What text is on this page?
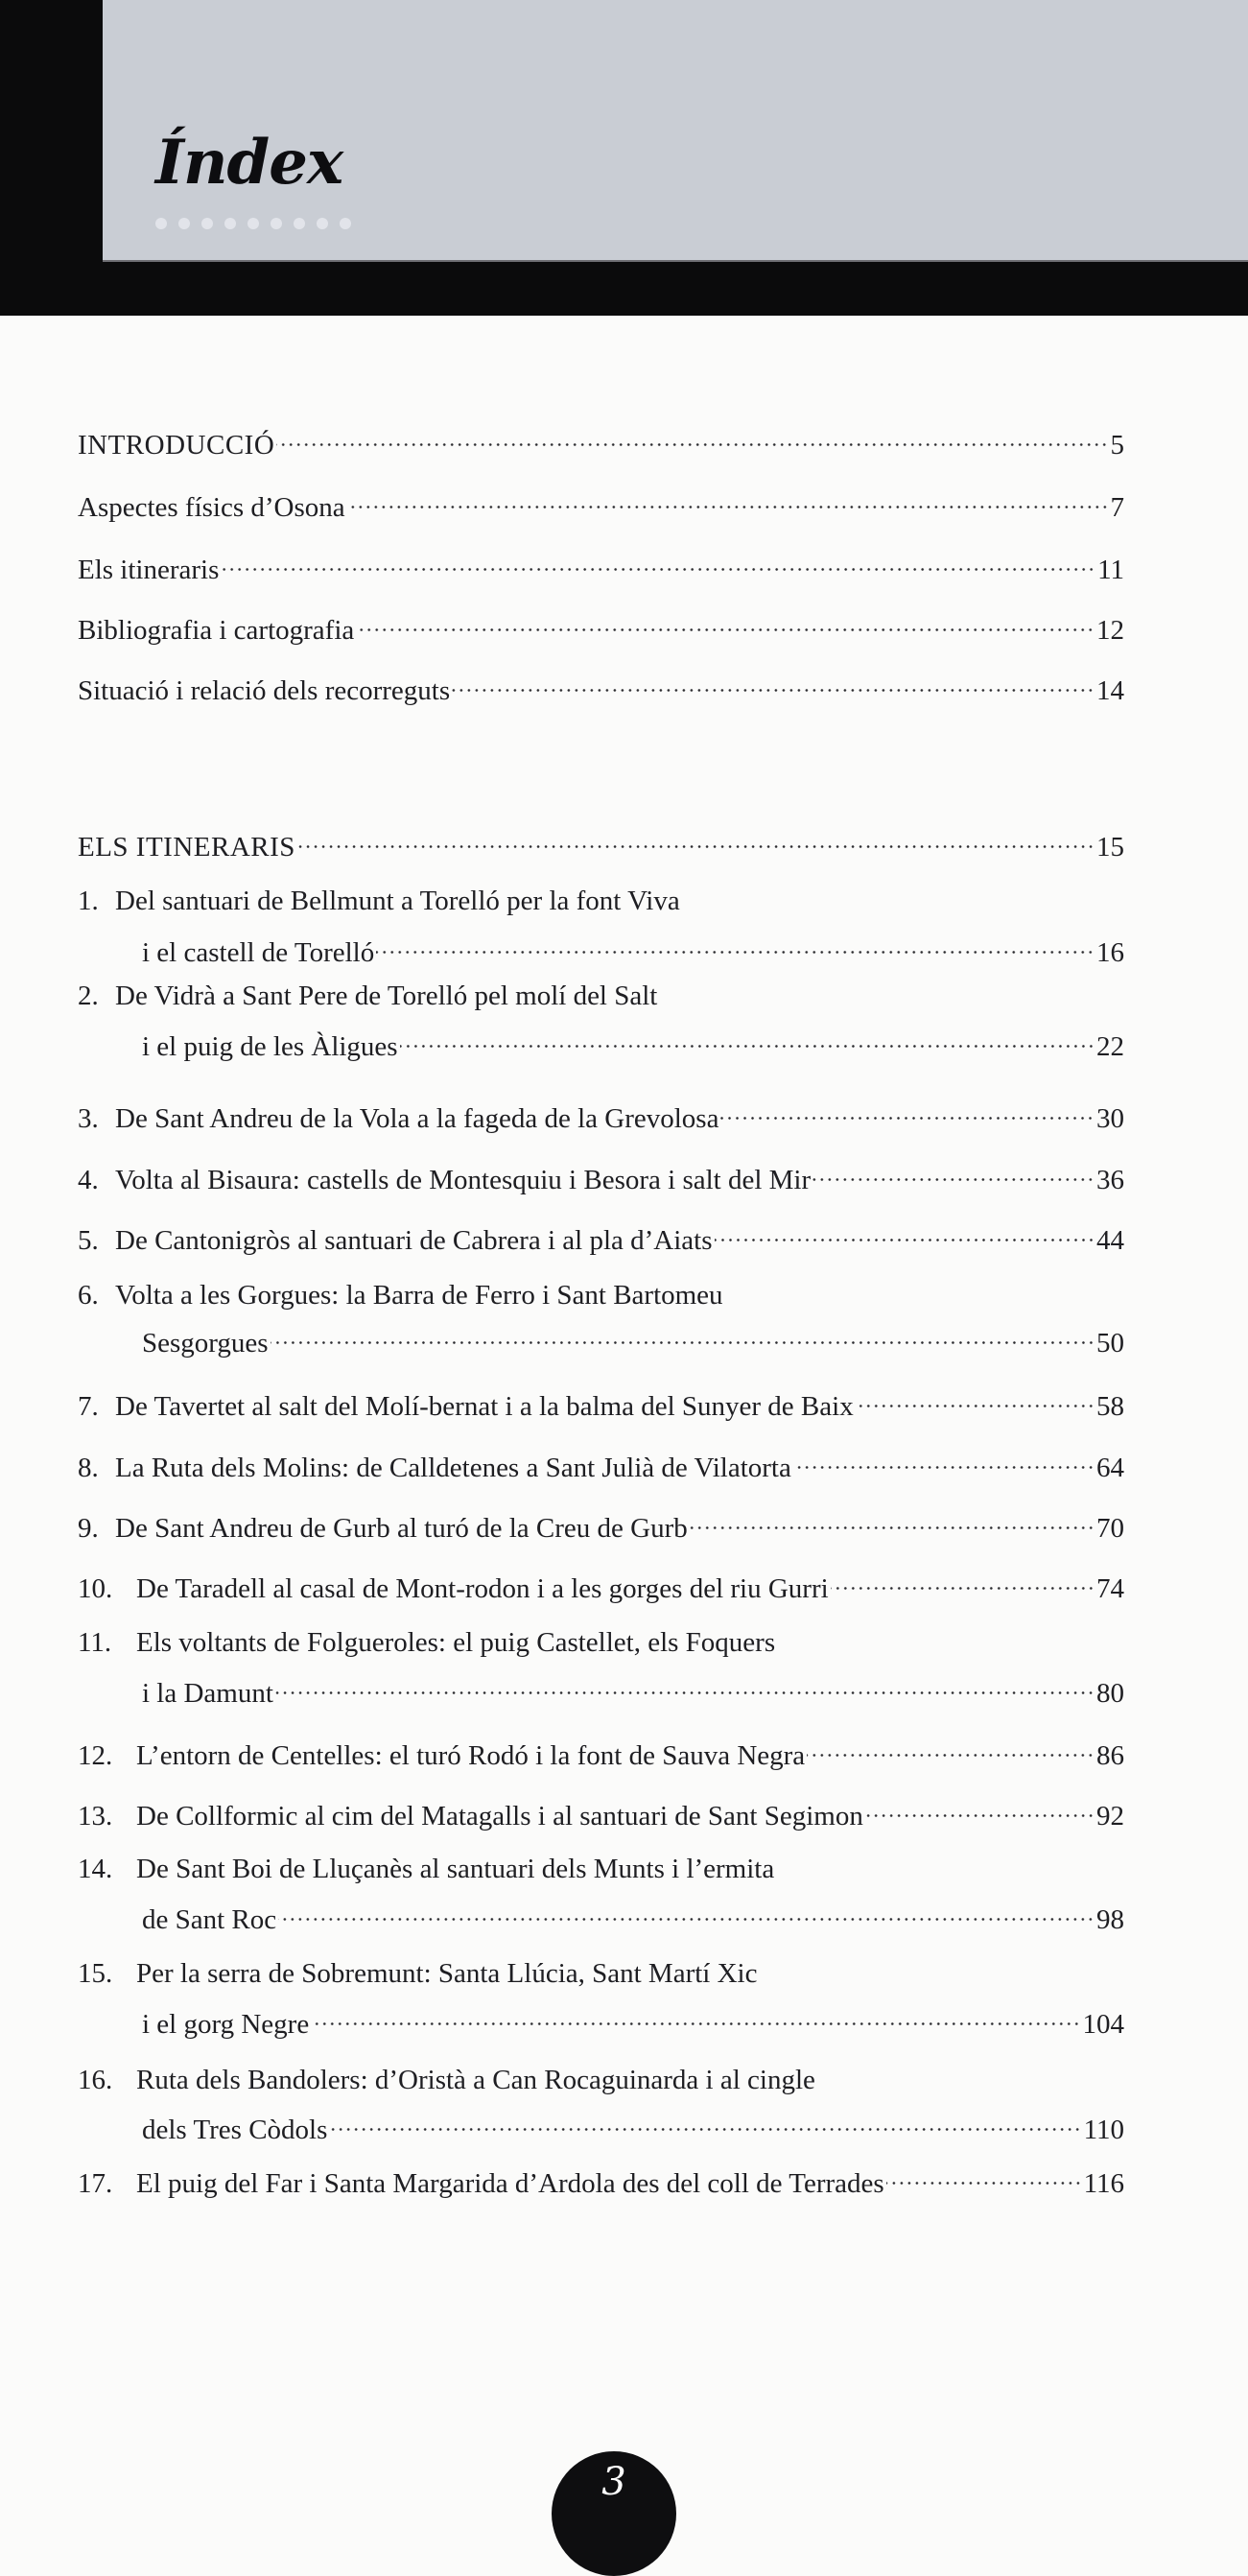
Índex
INTRODUCCIÓ	5
Aspectes físics d’Osona	7
Els itineraris	11
Bibliografia i cartografia	12
Situació i relació dels recorreguts	14
ELS ITINERARIS	15
1. Del santuari de Bellmunt a Torelló per la font Viva
i el castell de Torelló	16
2. De Vidrà a Sant Pere de Torelló pel molí del Salt
i el puig de les Àligues	22
3. De Sant Andreu de la Vola a la fageda de la Grevolosa	30
4. Volta al Bisaura: castells de Montesquiu i Besora i salt del Mir	36
5. De Cantonigròs al santuari de Cabrera i al pla d’Aiats	44
6. Volta a les Gorgues: la Barra de Ferro i Sant Bartomeu
Sesgorgues	50
7. De Tavertet al salt del Molí-bernat i a la balma del Sunyer de Baix	58
8. La Ruta dels Molins: de Calldetenes a Sant Julià de Vilatorta	64
9. De Sant Andreu de Gurb al turó de la Creu de Gurb	70
10. De Taradell al casal de Mont-rodon i a les gorges del riu Gurri	74
11. Els voltants de Folgueroles: el puig Castellet, els Foquers
i la Damunt	80
12. L’entorn de Centelles: el turó Rodó i la font de Sauva Negra	86
13. De Collformic al cim del Matagalls i al santuari de Sant Segimon	92
14. De Sant Boi de Lluçanès al santuari dels Munts i l’ermita
de Sant Roc	98
15. Per la serra de Sobremunt: Santa Llúcia, Sant Martí Xic
i el gorg Negre	104
16. Ruta dels Bandolers: d’Oristà a Can Rocaguinarda i al cingle
dels Tres Còdols	110
17. El puig del Far i Santa Margarida d’Ardola des del coll de Terrades	116
3
